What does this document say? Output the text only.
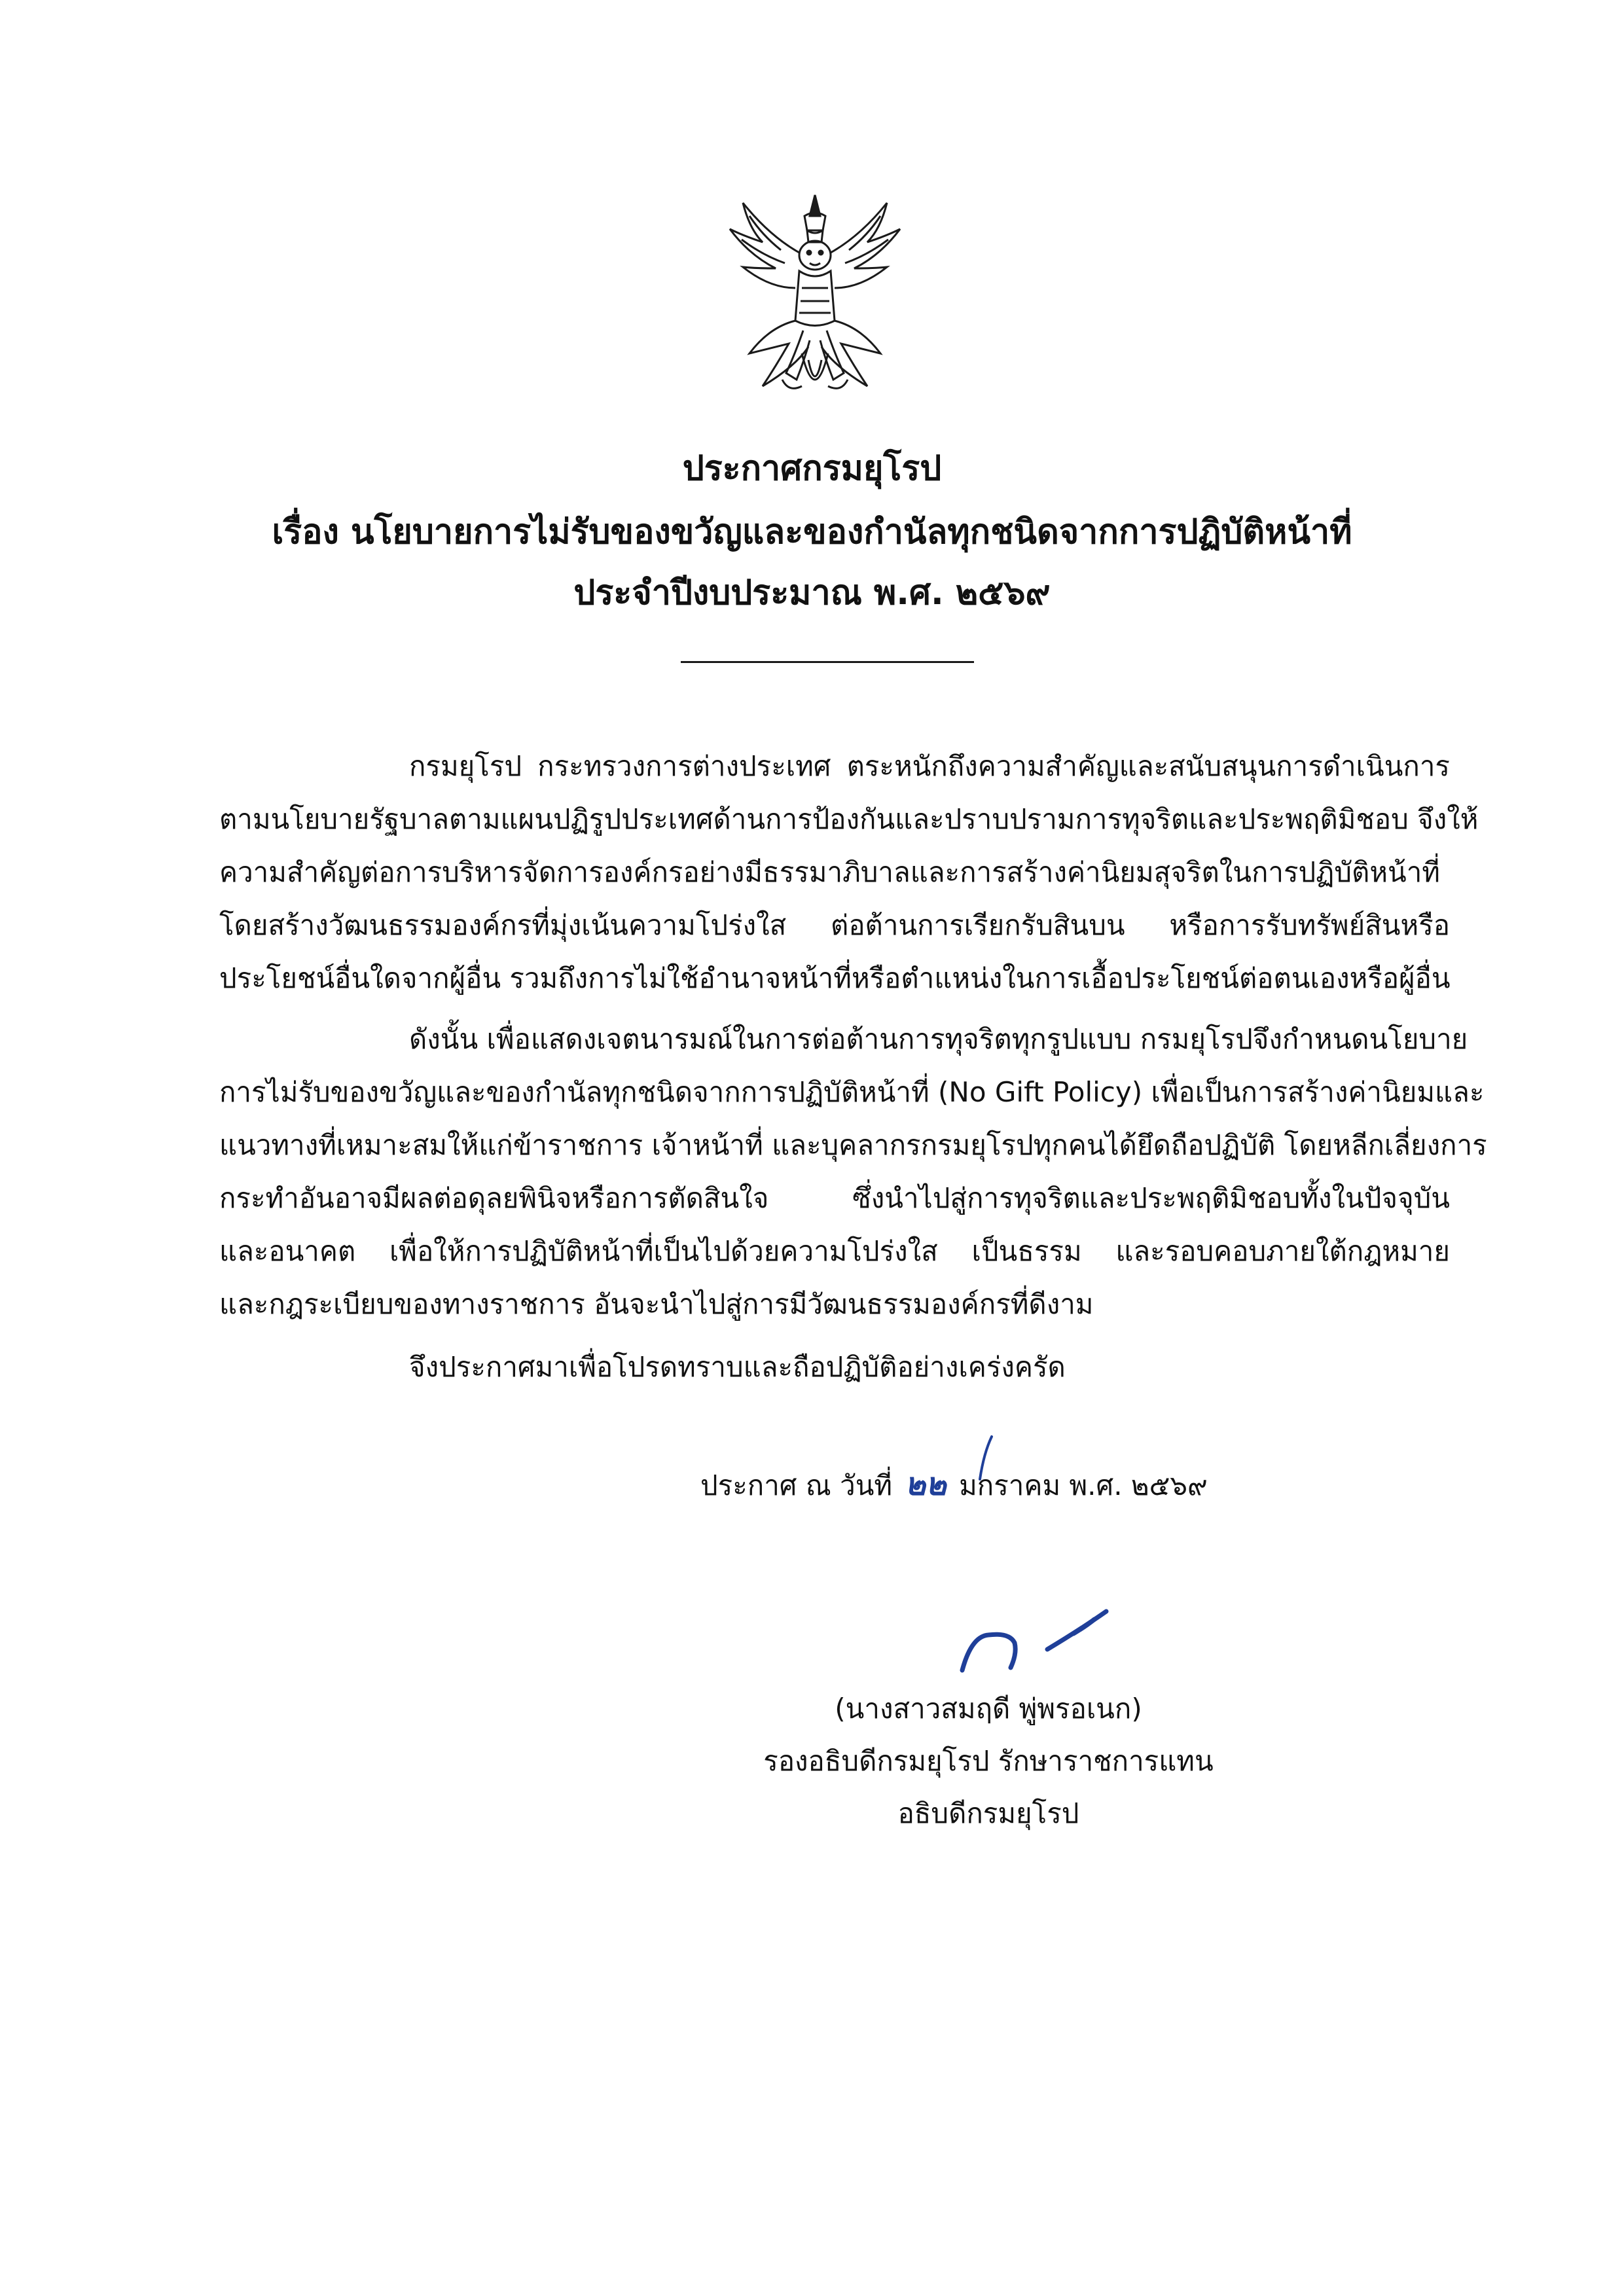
ประกาศกรมยุโรป
เรื่อง นโยบายการไม่รับของขวัญและของกำนัลทุกชนิดจากการปฏิบัติหน้าที่
ประจำปีงบประมาณ พ.ศ. ๒๕๖๙
กรมยุโรป กระทรวงการต่างประเทศ ตระหนักถึงความสำคัญและสนับสนุนการดำเนินการ
ตามนโยบายรัฐบาลตามแผนปฏิรูปประเทศด้านการป้องกันและปราบปรามการทุจริตและประพฤติมิชอบ จึงให้
ความสำคัญต่อการบริหารจัดการองค์กรอย่างมีธรรมาภิบาลและการสร้างค่านิยมสุจริตในการปฏิบัติหน้าที่
โดยสร้างวัฒนธรรมองค์กรที่มุ่งเน้นความโปร่งใส ต่อต้านการเรียกรับสินบน หรือการรับทรัพย์สินหรือ
ประโยชน์อื่นใดจากผู้อื่น รวมถึงการไม่ใช้อำนาจหน้าที่หรือตำแหน่งในการเอื้อประโยชน์ต่อตนเองหรือผู้อื่น
ดังนั้น เพื่อแสดงเจตนารมณ์ในการต่อต้านการทุจริตทุกรูปแบบ กรมยุโรปจึงกำหนดนโยบาย
การไม่รับของขวัญและของกำนัลทุกชนิดจากการปฏิบัติหน้าที่ (No Gift Policy) เพื่อเป็นการสร้างค่านิยมและ
แนวทางที่เหมาะสมให้แก่ข้าราชการ เจ้าหน้าที่ และบุคลากรกรมยุโรปทุกคนได้ยึดถือปฏิบัติ โดยหลีกเลี่ยงการ
กระทำอันอาจมีผลต่อดุลยพินิจหรือการตัดสินใจ ซึ่งนำไปสู่การทุจริตและประพฤติมิชอบทั้งในปัจจุบัน
และอนาคต เพื่อให้การปฏิบัติหน้าที่เป็นไปด้วยความโปร่งใส เป็นธรรม และรอบคอบภายใต้กฎหมาย
และกฎระเบียบของทางราชการ อันจะนำไปสู่การมีวัฒนธรรมองค์กรที่ดีงาม
จึงประกาศมาเพื่อโปรดทราบและถือปฏิบัติอย่างเคร่งครัด
ประกาศ ณ วันที่ ๒๒ มกราคม พ.ศ. ๒๕๖๙
(นางสาวสมฤดี พู่พรอเนก)
รองอธิบดีกรมยุโรป รักษาราชการแทน
อธิบดีกรมยุโรป
